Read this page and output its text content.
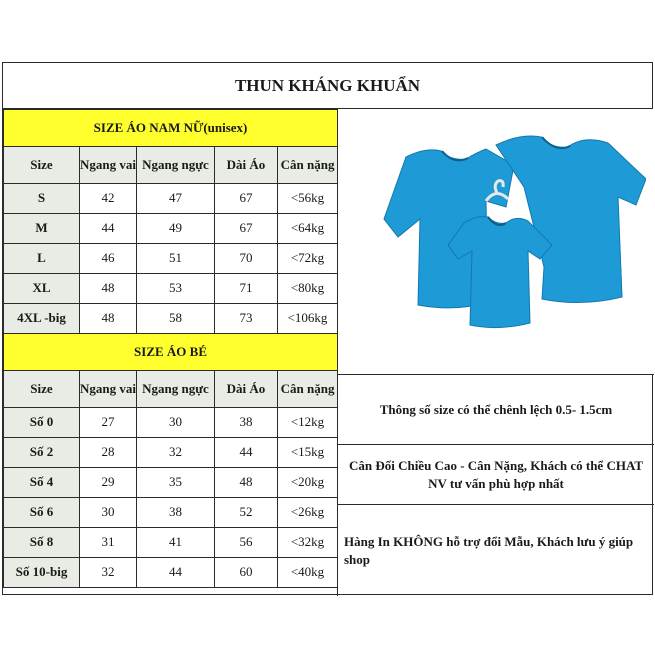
THUN KHÁNG KHUẨN
SIZE ÁO NAM NỮ(unisex)				
Size	Ngang vai	Ngang ngực	Dài Áo	Cân nặng
S	42	47	67	<56kg
M	44	49	67	<64kg
L	46	51	70	<72kg
XL	48	53	71	<80kg
4XL -big	48	58	73	<106kg
SIZE ÁO BÉ				
Size	Ngang vai	Ngang ngực	Dài Áo	Cân nặng
Số 0	27	30	38	<12kg
Số 2	28	32	44	<15kg
Số 4	29	35	48	<20kg
Số 6	30	38	52	<26kg
Số 8	31	41	56	<32kg
Số 10-big	32	44	60	<40kg
Thông số size có thể chênh lệch 0.5- 1.5cm
Cân Đối Chiều Cao - Cân Nặng, Khách có thể CHAT NV tư vấn phù hợp nhất
Hàng In KHÔNG hỗ trợ đổi Mẫu, Khách lưu ý giúp shop
